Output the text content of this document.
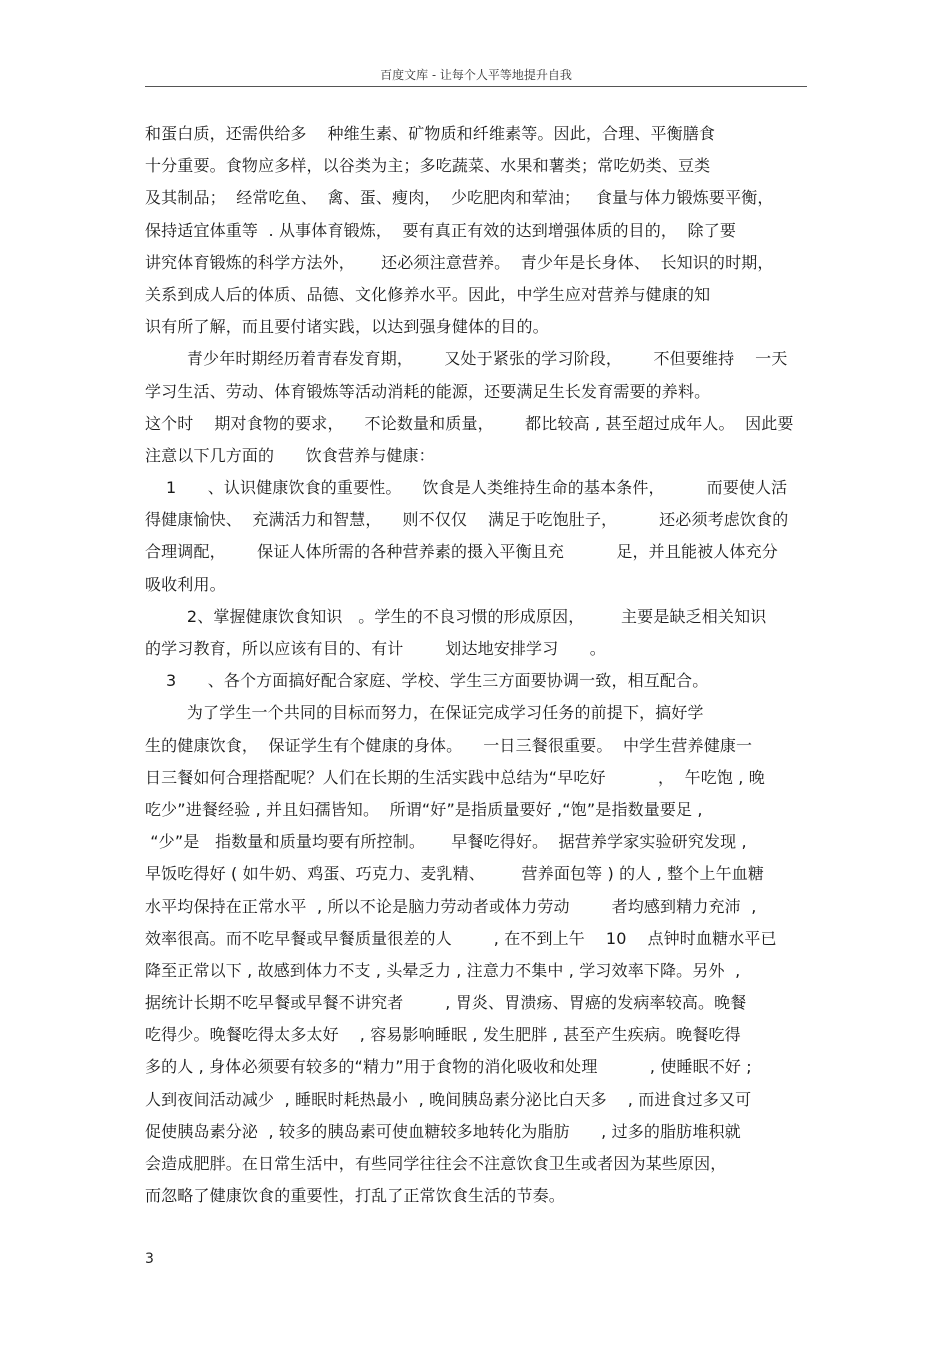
百度文库 - 让每个人平等地提升自我
和蛋白质，还需供给多    种维生素、矿物质和纤维素等。因此，合理、平衡膳食
十分重要。食物应多样，以谷类为主；多吃蔬菜、水果和薯类；常吃奶类、豆类
及其制品；  经常吃鱼、  禽、蛋、瘦肉，  少吃肥肉和荤油；   食量与体力锻炼要平衡，
保持适宜体重等  . 从事体育锻炼，  要有真正有效的达到增强体质的目的，  除了要
讲究体育锻炼的科学方法外，     还必须注意营养。  青少年是长身体、  长知识的时期，
关系到成人后的体质、品德、文化修养水平。因此，中学生应对营养与健康的知
识有所了解，而且要付诸实践，以达到强身健体的目的。
青少年时期经历着青春发育期，      又处于紧张的学习阶段，      不但要维持    一天
学习生活、劳动、体育锻炼等活动消耗的能源，还要满足生长发育需要的养料。
这个时    期对食物的要求，    不论数量和质量，      都比较高 , 甚至超过成年人。  因此要
注意以下几方面的      饮食营养与健康：
1      、认识健康饮食的重要性。    饮食是人类维持生命的基本条件，        而要使人活
得健康愉快、  充满活力和智慧，    则不仅仅    满足于吃饱肚子，        还必须考虑饮食的
合理调配，      保证人体所需的各种营养素的摄入平衡且充          足，并且能被人体充分
吸收利用。
2、掌握健康饮食知识   。学生的不良习惯的形成原因，       主要是缺乏相关知识
的学习教育，所以应该有目的、有计        划达地安排学习      。
3      、各个方面搞好配合家庭、学校、学生三方面要协调一致，相互配合。
为了学生一个共同的目标而努力，在保证完成学习任务的前提下，搞好学
生的健康饮食，  保证学生有个健康的身体。    一日三餐很重要。  中学生营养健康一
日三餐如何合理搭配呢？人们在长期的生活实践中总结为“早吃好          ，  午吃饱 , 晚
吃少”进餐经验 , 并且妇孺皆知。  所谓“好”是指质量要好 ,“饱”是指数量要足 ,
“少”是   指数量和质量均要有所控制。     早餐吃得好。  据营养学家实验研究发现 ,
早饭吃得好 ( 如牛奶、鸡蛋、巧克力、麦乳精、       营养面包等 ) 的人 , 整个上午血糖
水平均保持在正常水平  , 所以不论是脑力劳动者或体力劳动        者均感到精力充沛  ,
效率很高。而不吃早餐或早餐质量很差的人        , 在不到上午    10    点钟时血糖水平已
降至正常以下 , 故感到体力不支 , 头晕乏力 , 注意力不集中 , 学习效率下降。另外  ,
据统计长期不吃早餐或早餐不讲究者        , 胃炎、胃溃疡、胃癌的发病率较高。晚餐
吃得少。晚餐吃得太多太好    , 容易影响睡眠 , 发生肥胖 , 甚至产生疾病。晚餐吃得
多的人 , 身体必须要有较多的“精力”用于食物的消化吸收和处理          , 使睡眠不好 ;
人到夜间活动减少  , 睡眠时耗热最小  , 晚间胰岛素分泌比白天多    , 而进食过多又可
促使胰岛素分泌  , 较多的胰岛素可使血糖较多地转化为脂肪      , 过多的脂肪堆积就
会造成肥胖。在日常生活中，有些同学往往会不注意饮食卫生或者因为某些原因，
而忽略了健康饮食的重要性，打乱了正常饮食生活的节奏。
3
